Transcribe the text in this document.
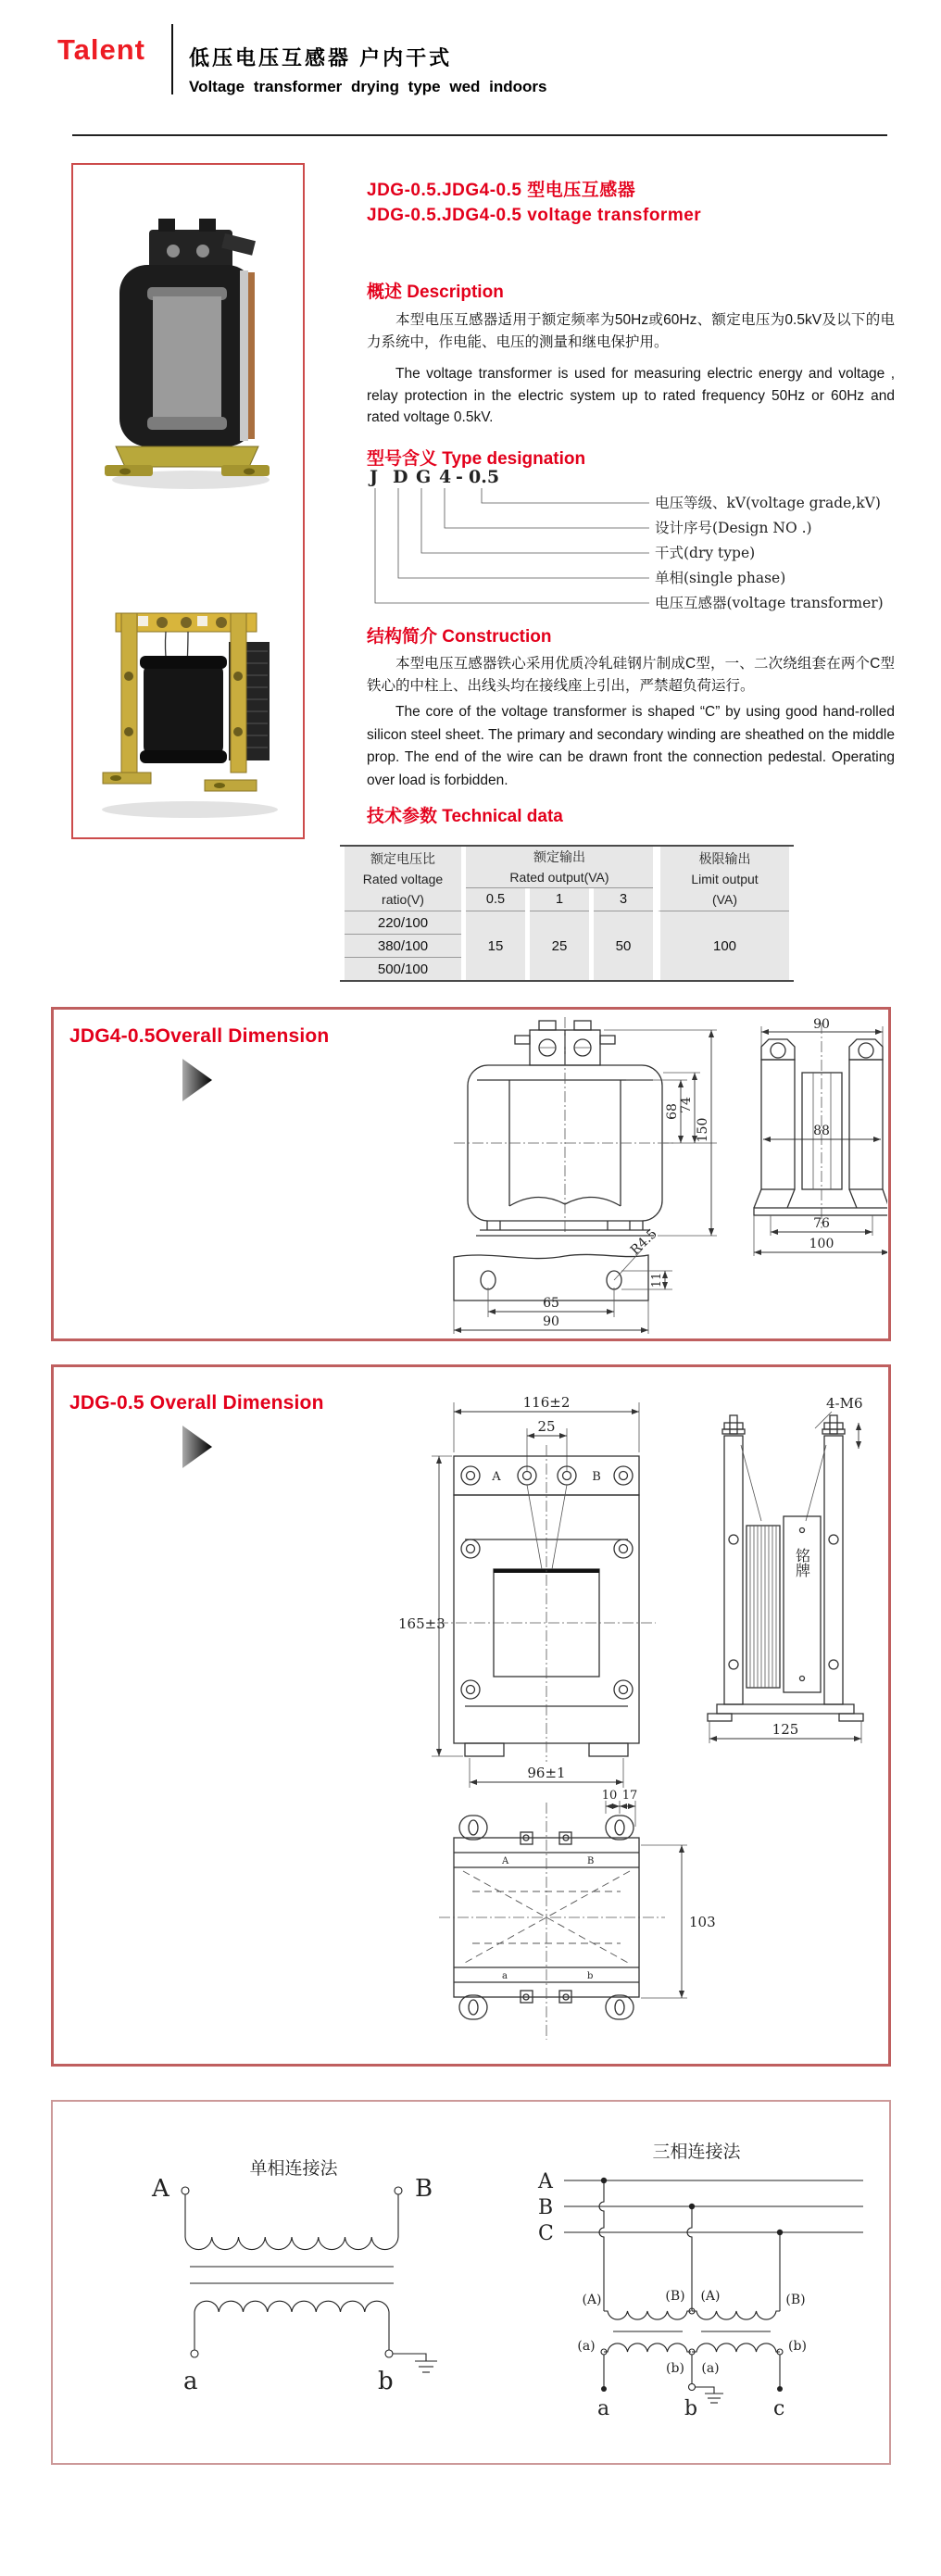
Talent 低压电压互感器 户内干式
Voltage transformer drying type wed indoors
JDG-0.5.JDG4-0.5 型电压互感器
JDG-0.5.JDG4-0.5 voltage transformer
概述 Description
本型电压互感器适用于额定频率为50Hz或60Hz、额定电压为0.5kV及以下的电力系统中，作电能、电压的测量和继电保护用。
The voltage transformer is used for measuring electric energy and voltage , relay protection in the electric system up to rated frequency 50Hz or 60Hz and rated voltage 0.5kV.
型号含义 Type designation
J D G 4 - 0.5
电压等级、kV(voltage grade,kV)
设计序号(Design NO .)
干式(dry type)
单相(single phase)
电压互感器(voltage transformer)
结构简介 Construction
本型电压互感器铁心采用优质冷轧硅钢片制成C型，一、二次绕组套在两个C型铁心的中柱上、出线头均在接线座上引出，严禁超负荷运行。
The core of the voltage transformer is shaped “C” by using good hand-rolled silicon steel sheet. The primary and secondary winding are sheathed on the middle prop. The end of the wire can be drawn front the connection pedestal. Operating over load is forbidden.
技术参数 Technical data
额定电压比
Rated voltage
ratio(V)

额定输出
Rated output(VA)

极限输出
Limit output
(VA)

	0.5	1	3	
220/100	15	25	50	100
380/100				
500/100				
JDG4-0.5Overall Dimension
68 74
150
R4.5
11
65
90
90
88
76
100
JDG-0.5 Overall Dimension	116±2
25
A	B
165±3
96±1
4-M6
铭牌
125
10 17
A	B
a	b
103
单相连接法
A	B
a	b
三相连接法
A
B
C
(A)	(B) (A)	(B)
(a)
(b) (a)
(b)
a	b	c
